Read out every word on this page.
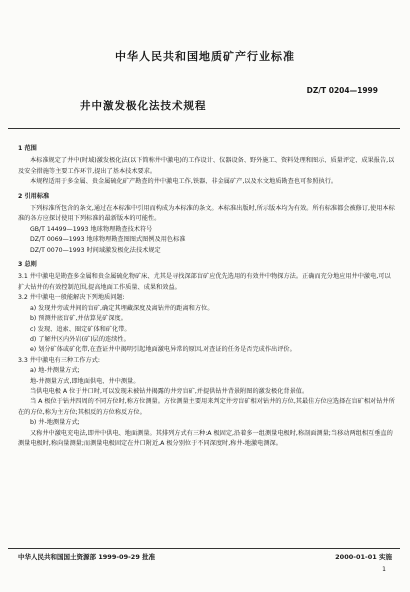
中华人民共和国地质矿产行业标准
DZ/T 0204—1999
井中激发极化法技术规程

1 范围

本标准规定了井中(时域)激发极化法(以下简称井中激电)的工作设计、仪器设备、野外施工、资料处理和图示、质量评定、成果报告,以及安全措施等主要工作环节,提出了基本技术要求。

本规程适用于多金属、贵金属硫化矿产勘查的井中激电工作,铁器、非金属矿产,以及水文地质勘查也可参照执行。

2 引用标准

下列标准所包含的条文,通过在本标准中引用而构成为本标准的条文。本标准出版时,所示版本均为有效。所有标准都会被修订,使用本标准的各方应探讨使用下列标准的最新版本的可能性。

GB/T 14499—1993 地球物理勘查技术符号

DZ/T 0069—1993 地球物理勘查图图式图例及用色标准

DZ/T 0070—1993 时间域激发极化法技术规定

3 总则

3.1 井中激电是勘查多金属和贵金属硫化物矿床、尤其是寻找深部盲矿应优先选用的有效井中物探方法。正确而充分地应用井中激电,可以扩大钻井的有效控制范围,提高地面工作质量、成果和效益。

3.2 井中激电一般能解决下列地质问题:

a) 发现井旁或井间的盲矿,确定其埋藏深度及离钻井的距离和方位。

b) 预测井底盲矿,并估算见矿深度。

c) 发现、追索、圈定矿体和矿化带。

d) 了解井区内外岩(矿)层的连续性。

e) 划分矿体或矿化带,在查证井中揭明引起地面激电异常的原因,对查证的任务是否完成作出评价。

3.3 井中激电有三种工作方式:

a) 地-井测量方式;

地-井测量方式,即地面供电、井中测量。

当供电电极 A 位于井口时,可以发现未被钻井揭露的井旁盲矿,并提供钻井背景附图的激发极化背景值。

当 A 极位于钻井四周的不同方位时,称方位测量。方位测量主要用来判定井旁盲矿相对钻井的方位,其最佳方位应选择在盲矿相对钻井所在的方位,称为主方位;其相反的方位称反方位。

b) 井-地测量方式;

又称井中激电充电法,即井中供电、地面测量。其排列方式有三种:A 极固定,沿着多一组测量电极时,称剖面测量;当移动两组相互垂直的测量电极时,称向量测量;而测量电极固定在井口附近,A 极分别位于不同深度时,称井-地激电测深。

中华人民共和国国土资源部 1999-09-29 批准	2000-01-01 实施
1
